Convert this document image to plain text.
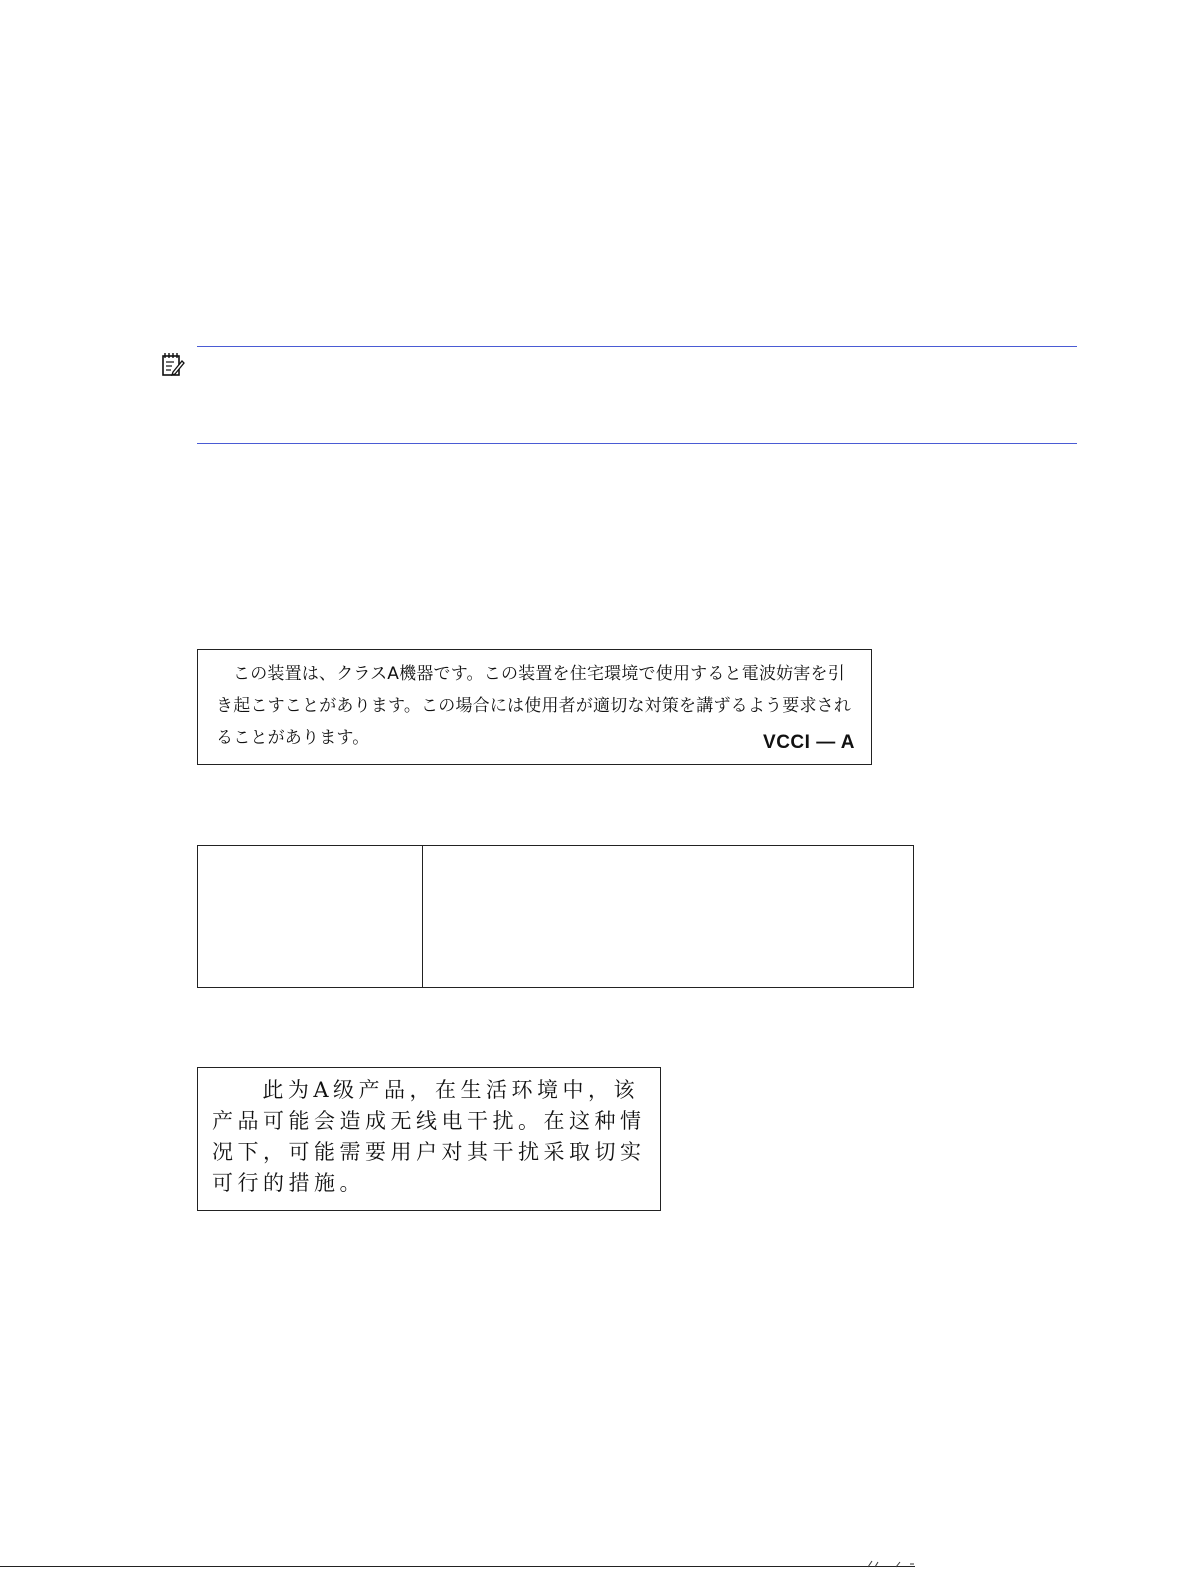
この装置は、クラスA機器です。この装置を住宅環境で使用すると電波妨害を引き起こすことがあります。この場合には使用者が適切な対策を講ずるよう要求されることがあります。	VCCI — A

此为A级产品，在生活环境中，该产品可能会造成无线电干扰。在这种情况下，可能需要用户对其干扰采取切实可行的措施。
